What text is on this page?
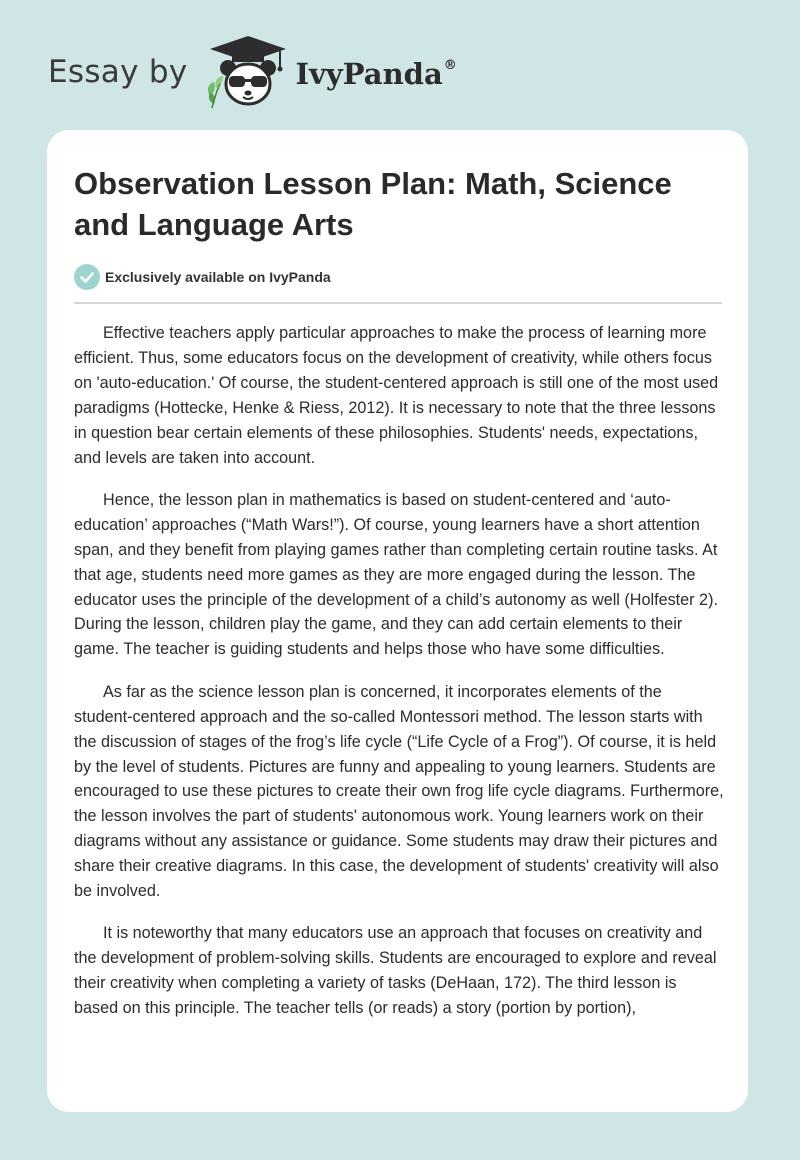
Essay by	IvyPanda®
Observation Lesson Plan: Math, Science and Language Arts
Exclusively available on IvyPanda

Effective teachers apply particular approaches to make the process of learning more efficient. Thus, some educators focus on the development of creativity, while others focus on 'auto-education.' Of course, the student-centered approach is still one of the most used paradigms (Hottecke, Henke & Riess, 2012). It is necessary to note that the three lessons in question bear certain elements of these philosophies. Students' needs, expectations, and levels are taken into account.

Hence, the lesson plan in mathematics is based on student-centered and ‘auto-education’ approaches (“Math Wars!”). Of course, young learners have a short attention span, and they benefit from playing games rather than completing certain routine tasks. At that age, students need more games as they are more engaged during the lesson. The educator uses the principle of the development of a child’s autonomy as well (Holfester 2). During the lesson, children play the game, and they can add certain elements to their game. The teacher is guiding students and helps those who have some difficulties.

As far as the science lesson plan is concerned, it incorporates elements of the student-centered approach and the so-called Montessori method. The lesson starts with the discussion of stages of the frog’s life cycle (“Life Cycle of a Frog”). Of course, it is held by the level of students. Pictures are funny and appealing to young learners. Students are encouraged to use these pictures to create their own frog life cycle diagrams. Furthermore, the lesson involves the part of students' autonomous work. Young learners work on their diagrams without any assistance or guidance. Some students may draw their pictures and share their creative diagrams. In this case, the development of students' creativity will also be involved.

It is noteworthy that many educators use an approach that focuses on creativity and the development of problem-solving skills. Students are encouraged to explore and reveal their creativity when completing a variety of tasks (DeHaan, 172). The third lesson is based on this principle. The teacher tells (or reads) a story (portion by portion),
